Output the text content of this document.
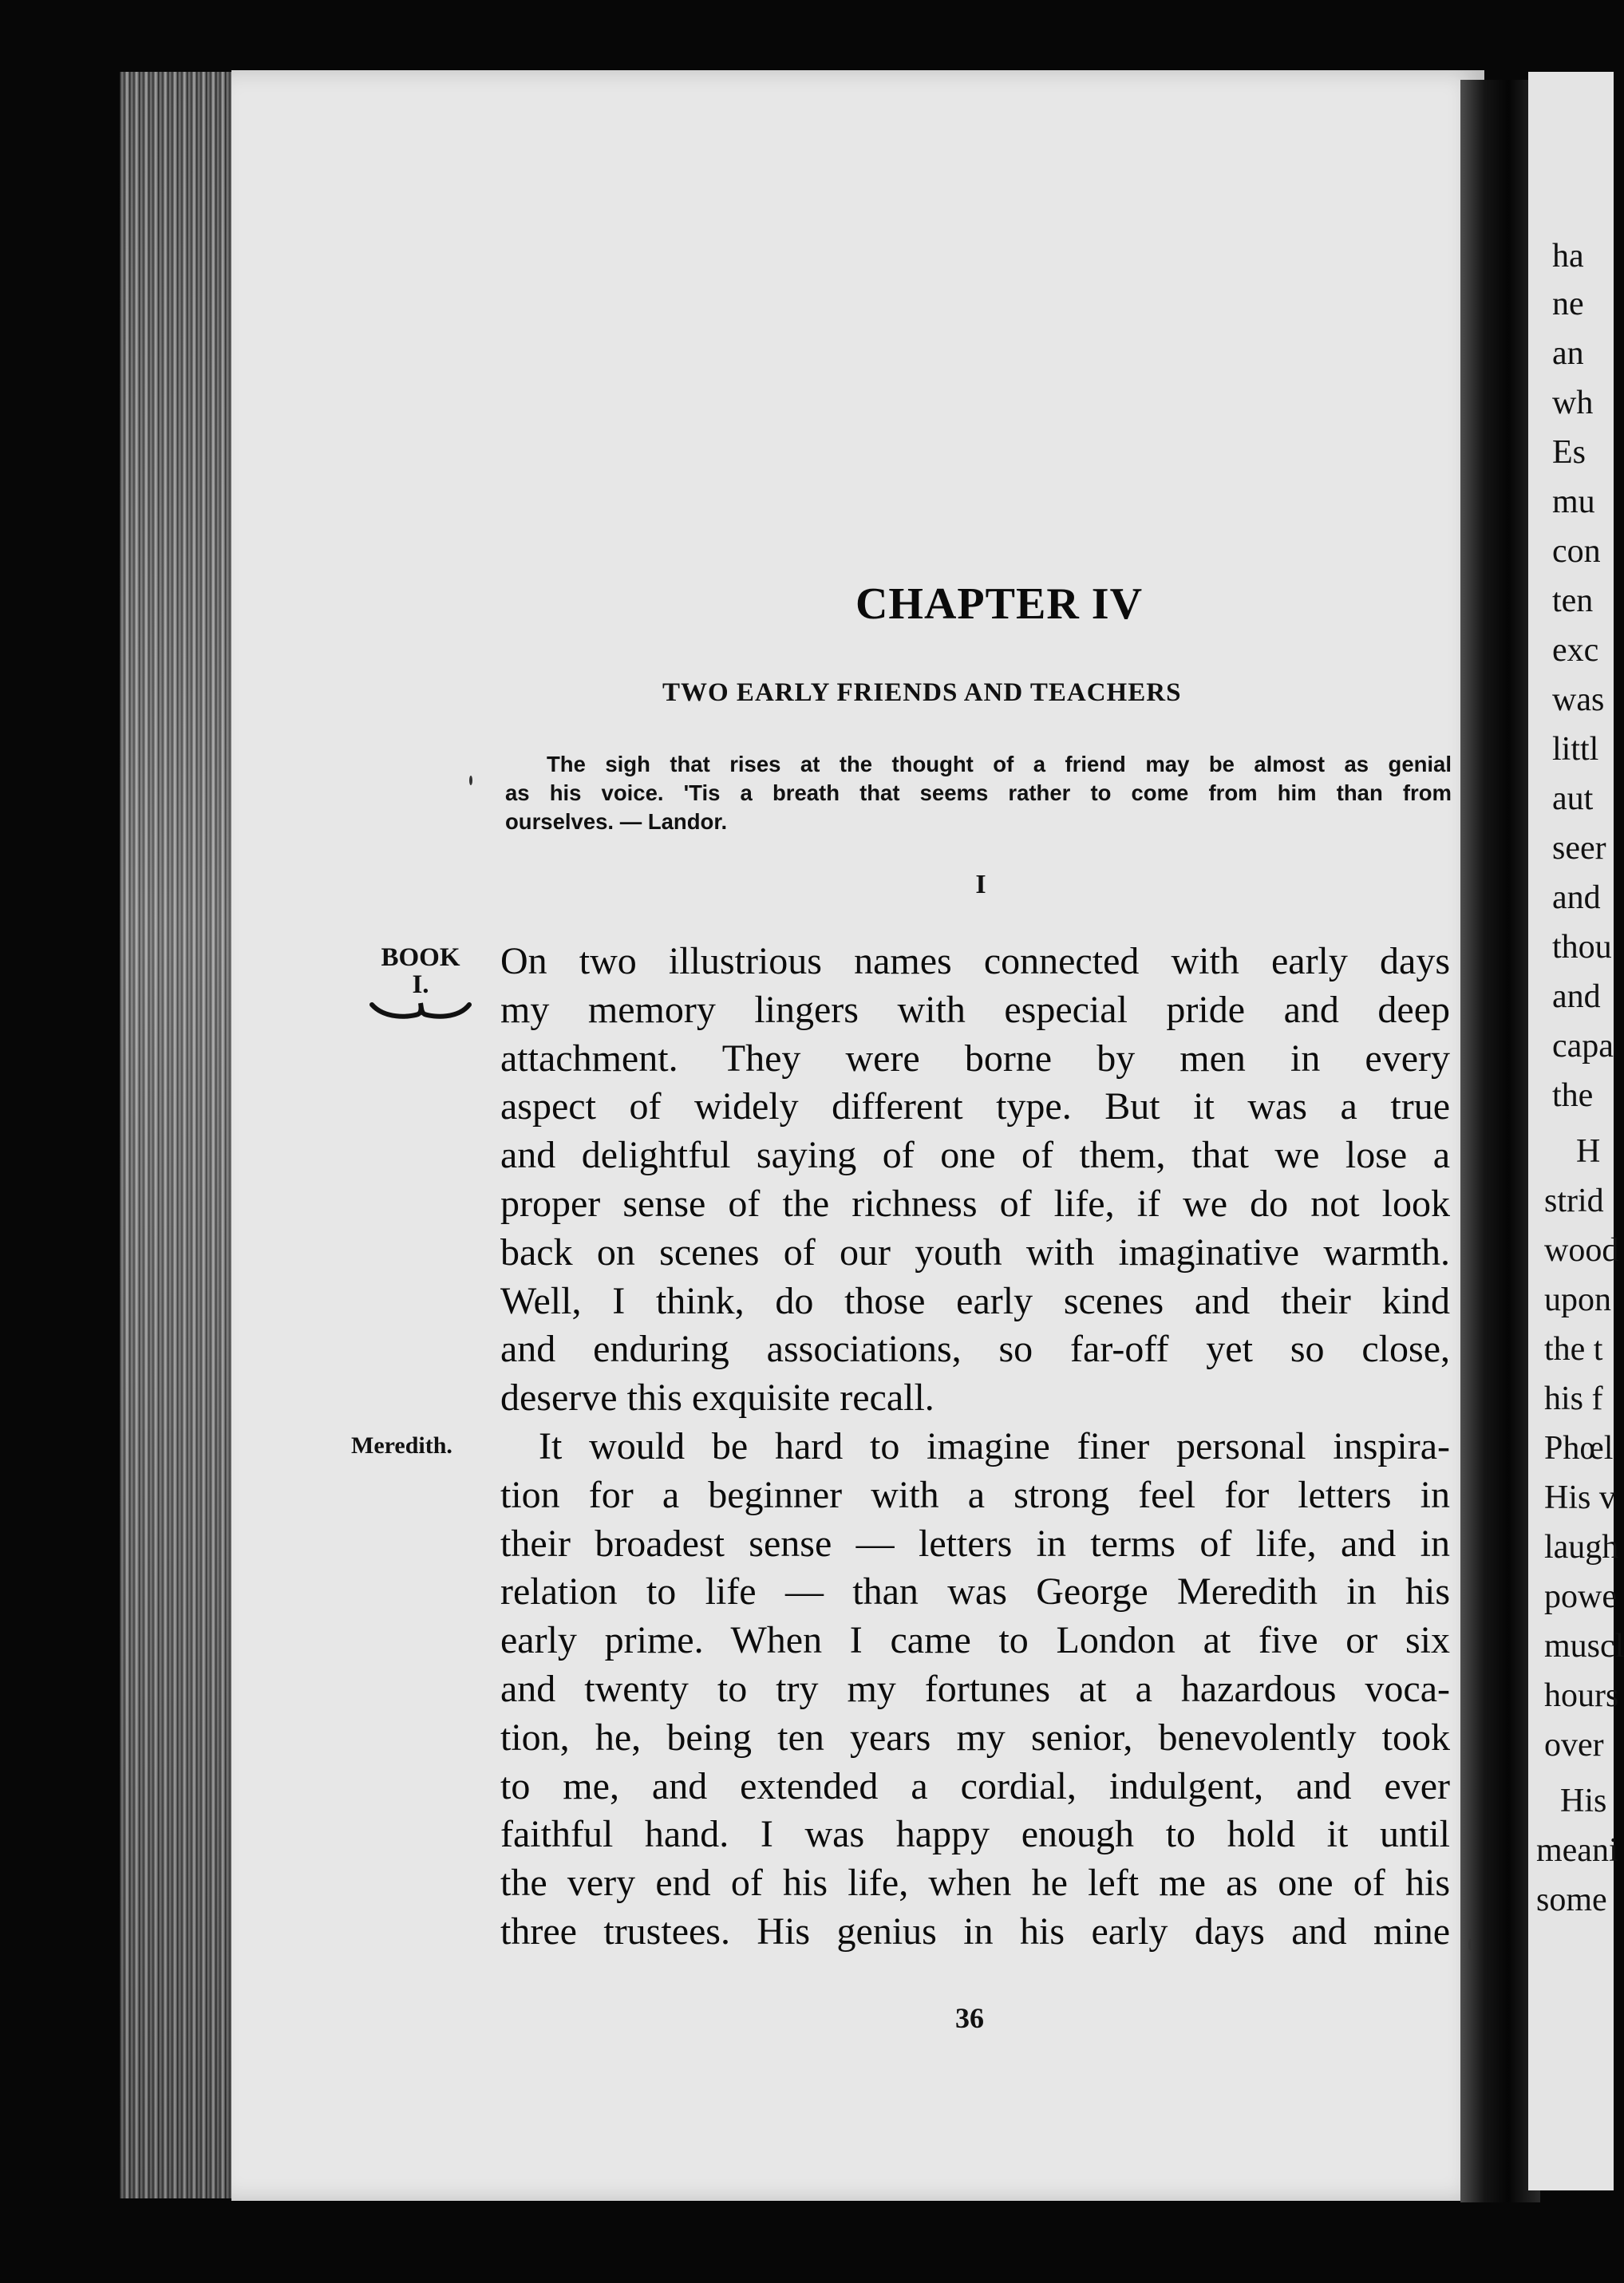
ha
ne
an
wh
Es
mu
con
ten
exc
was
littl
aut
seer
and
thou
and
capa
the
H
strid
wood
upon
the t
his f
Phœl
His v
laugh
powe
muscl
hours
over
His
meani
some
CHAPTER IV
TWO EARLY FRIENDS AND TEACHERS
The sigh that rises at the thought of a friend may be almost as genial
as his voice. 'Tis a breath that seems rather to come from him than from
ourselves. — Landor.
I
BOOK
I.
Meredith.
On two illustrious names connected with early days
my memory lingers with especial pride and deep
attachment. They were borne by men in every
aspect of widely different type. But it was a true
and delightful saying of one of them, that we lose a
proper sense of the richness of life, if we do not look
back on scenes of our youth with imaginative warmth.
Well, I think, do those early scenes and their kind
and enduring associations, so far-off yet so close,
deserve this exquisite recall.
It would be hard to imagine finer personal inspira-
tion for a beginner with a strong feel for letters in
their broadest sense — letters in terms of life, and in
relation to life — than was George Meredith in his
early prime. When I came to London at five or six
and twenty to try my fortunes at a hazardous voca-
tion, he, being ten years my senior, benevolently took
to me, and extended a cordial, indulgent, and ever
faithful hand. I was happy enough to hold it until
the very end of his life, when he left me as one of his
three trustees. His genius in his early days and mine
36
